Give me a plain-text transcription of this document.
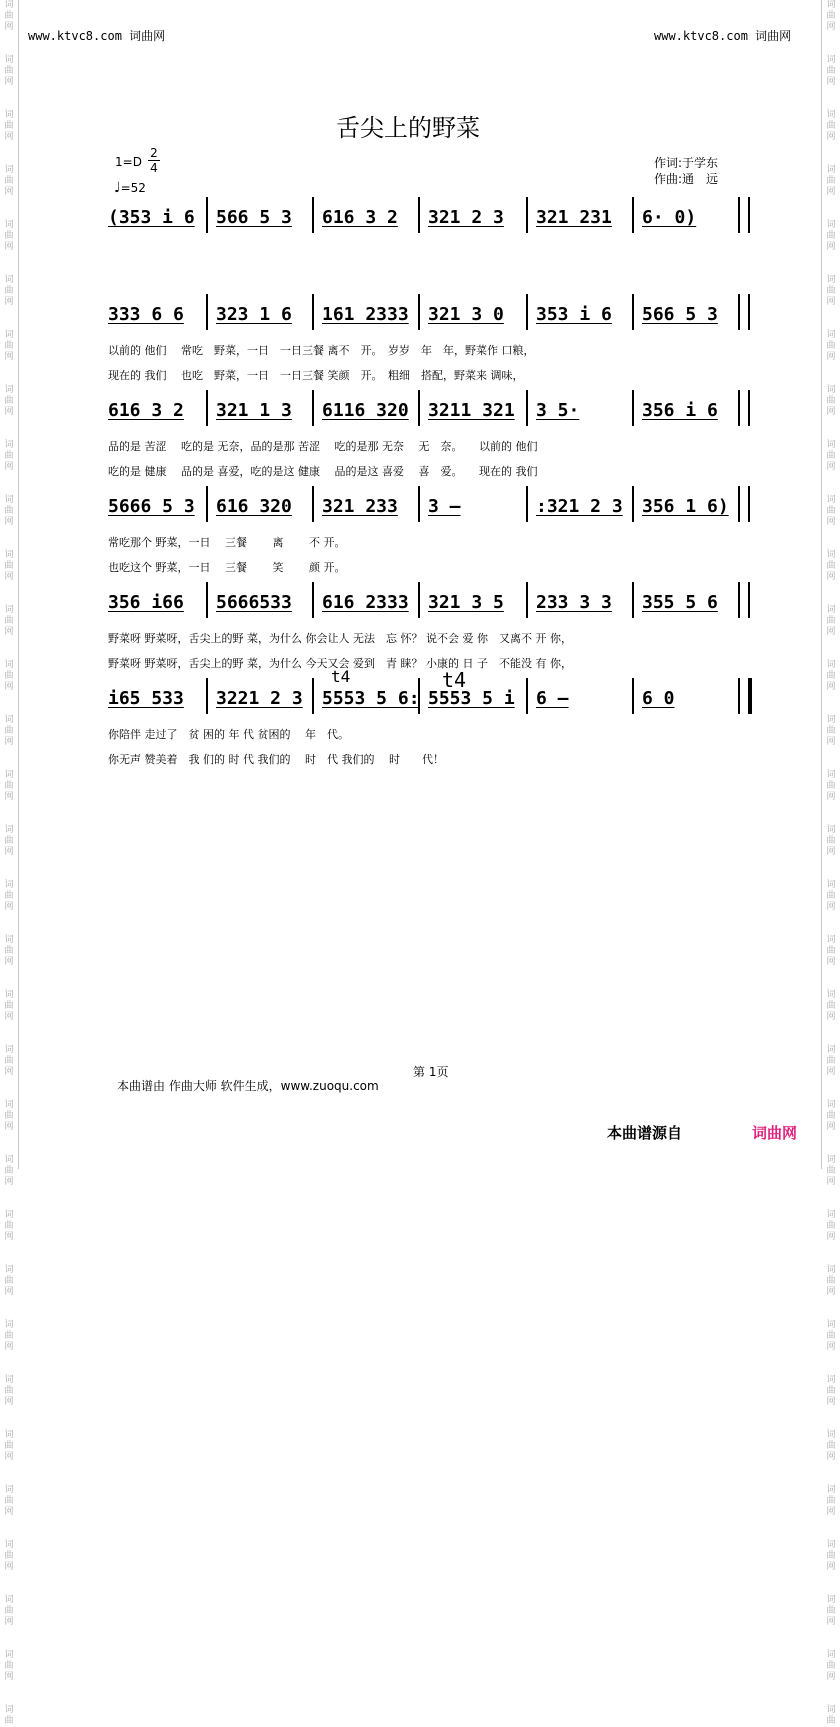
词
曲
网

词
曲
网

词
曲
网

词
曲
网

词
曲
网

词
曲
网

词
曲
网

词
曲
网

词
曲
网

词
曲
网

词
曲
网

词
曲
网

词
曲
网

词
曲
网

词
曲
网

词
曲
网

词
曲
网

词
曲
网

词
曲
网

词
曲
网

词
曲
网

词
曲
网

词
曲
网

词
曲
网

词
曲
网

词
曲
网

词
曲
网

词
曲
网

词
曲
网

词
曲
网

词
曲
网

词
曲
词
曲
网

词
曲
网

词
曲
网

词
曲
网

词
曲
网

词
曲
网

词
曲
网

词
曲
网

词
曲
网

词
曲
网

词
曲
网

词
曲
网

词
曲
网

词
曲
网

词
曲
网

词
曲
网

词
曲
网

词
曲
网

词
曲
网

词
曲
网

词
曲
网

词
曲
网

词
曲
网

词
曲
网

词
曲
网

词
曲
网

词
曲
网

词
曲
网

词
曲
网

词
曲
网

词
曲
网

词
曲
www.ktvc8.com 词曲网	www.ktvc8.com 词曲网
舌尖上的野菜
$1=D \frac{2}{4}$
♩=52
作词:于学东
作曲:通　远
(353 i 6 566 5 3 616 3 2 321 2 3 321 231 6· 0)
333 6 6 323 1 6 161 2333 321 3 0 353 i 6 566 5 3
616 3 2 321 1 3 6116 320 3211 321 3 5·	356 i 6
5666 5 3 616 320 321 233 3 —	:321 2 3 356 1 6)
356 i66 5666533 616 2333 321 3 5 233 3 3 355 5 6
i65 533 3221 2 3 5553 5 6: 5553 5 i 6 —	6 0
以前的 他们　 常吃　野菜，一日　一日三餐 离不　开。　岁岁　年　年，野菜作 口粮，
现在的 我们　 也吃　野菜，一日　一日三餐 笑颜　开。　粗细　搭配，野菜来 调味，
品的是 苦涩　 吃的是 无奈，品的是那 苦涩　 吃的是那 无奈　 无　奈。　　以前的 他们
吃的是 健康　 品的是 喜爱，吃的是这 健康　 品的是这 喜爱　 喜　爱。　　现在的 我们
常吃那个 野菜，一日　 三餐　　 离　　 不 开。
也吃这个 野菜，一日　 三餐　　 笑　　 颜 开。
野菜呀 野菜呀，舌尖上的野 菜，为什么 你会让人 无法　忘 怀？ 说不会 爱 你　又离不 开 你，
野菜呀 野菜呀，舌尖上的野 菜，为什么 今天又会 爱到　青 睐？ 小康的 日 子　不能没 有 你，
你陪伴 走过了　贫 困的 年 代 贫困的　 年　代。
你无声 赞美着　我 们的 时 代 我们的　 时　代 我们的　 时　　代！
t4	t4
第 1页
本曲谱由 作曲大师 软件生成，www.zuoqu.com
本曲谱源自	词曲网
